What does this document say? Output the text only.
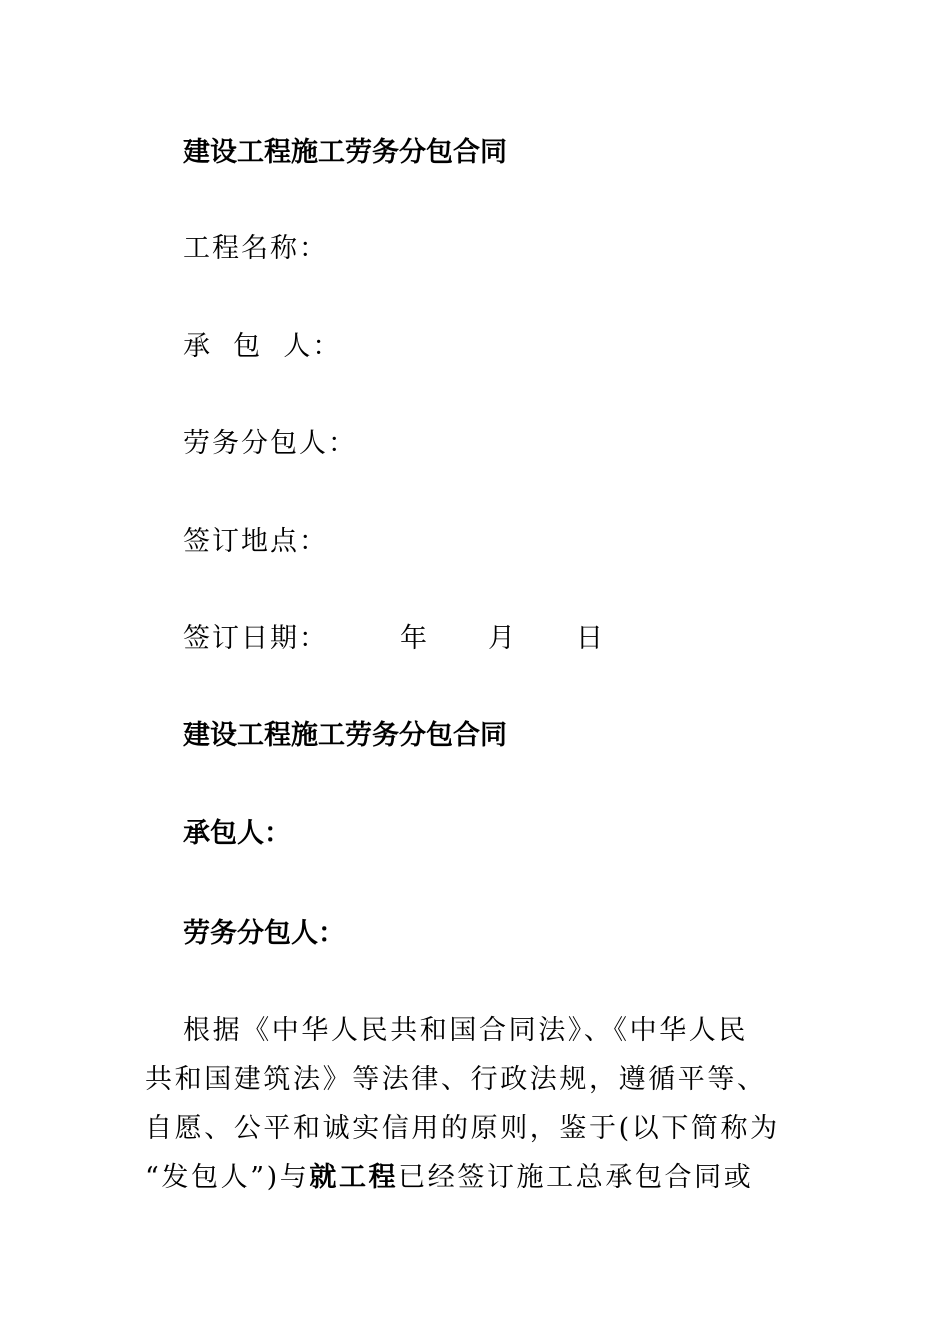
建设工程施工劳务分包合同
工程名称：
承  包  人：
劳务分包人：
签订地点：
签订日期：	年 月 日
建设工程施工劳务分包合同
承包人：
劳务分包人：
根据《中华人民共和国合同法》、《中华人民
共和国建筑法》等法律、行政法规，遵循平等、
自愿、公平和诚实信用的原则，鉴于(以下简称为
“发包人”)与就工程已经签订施工总承包合同或
